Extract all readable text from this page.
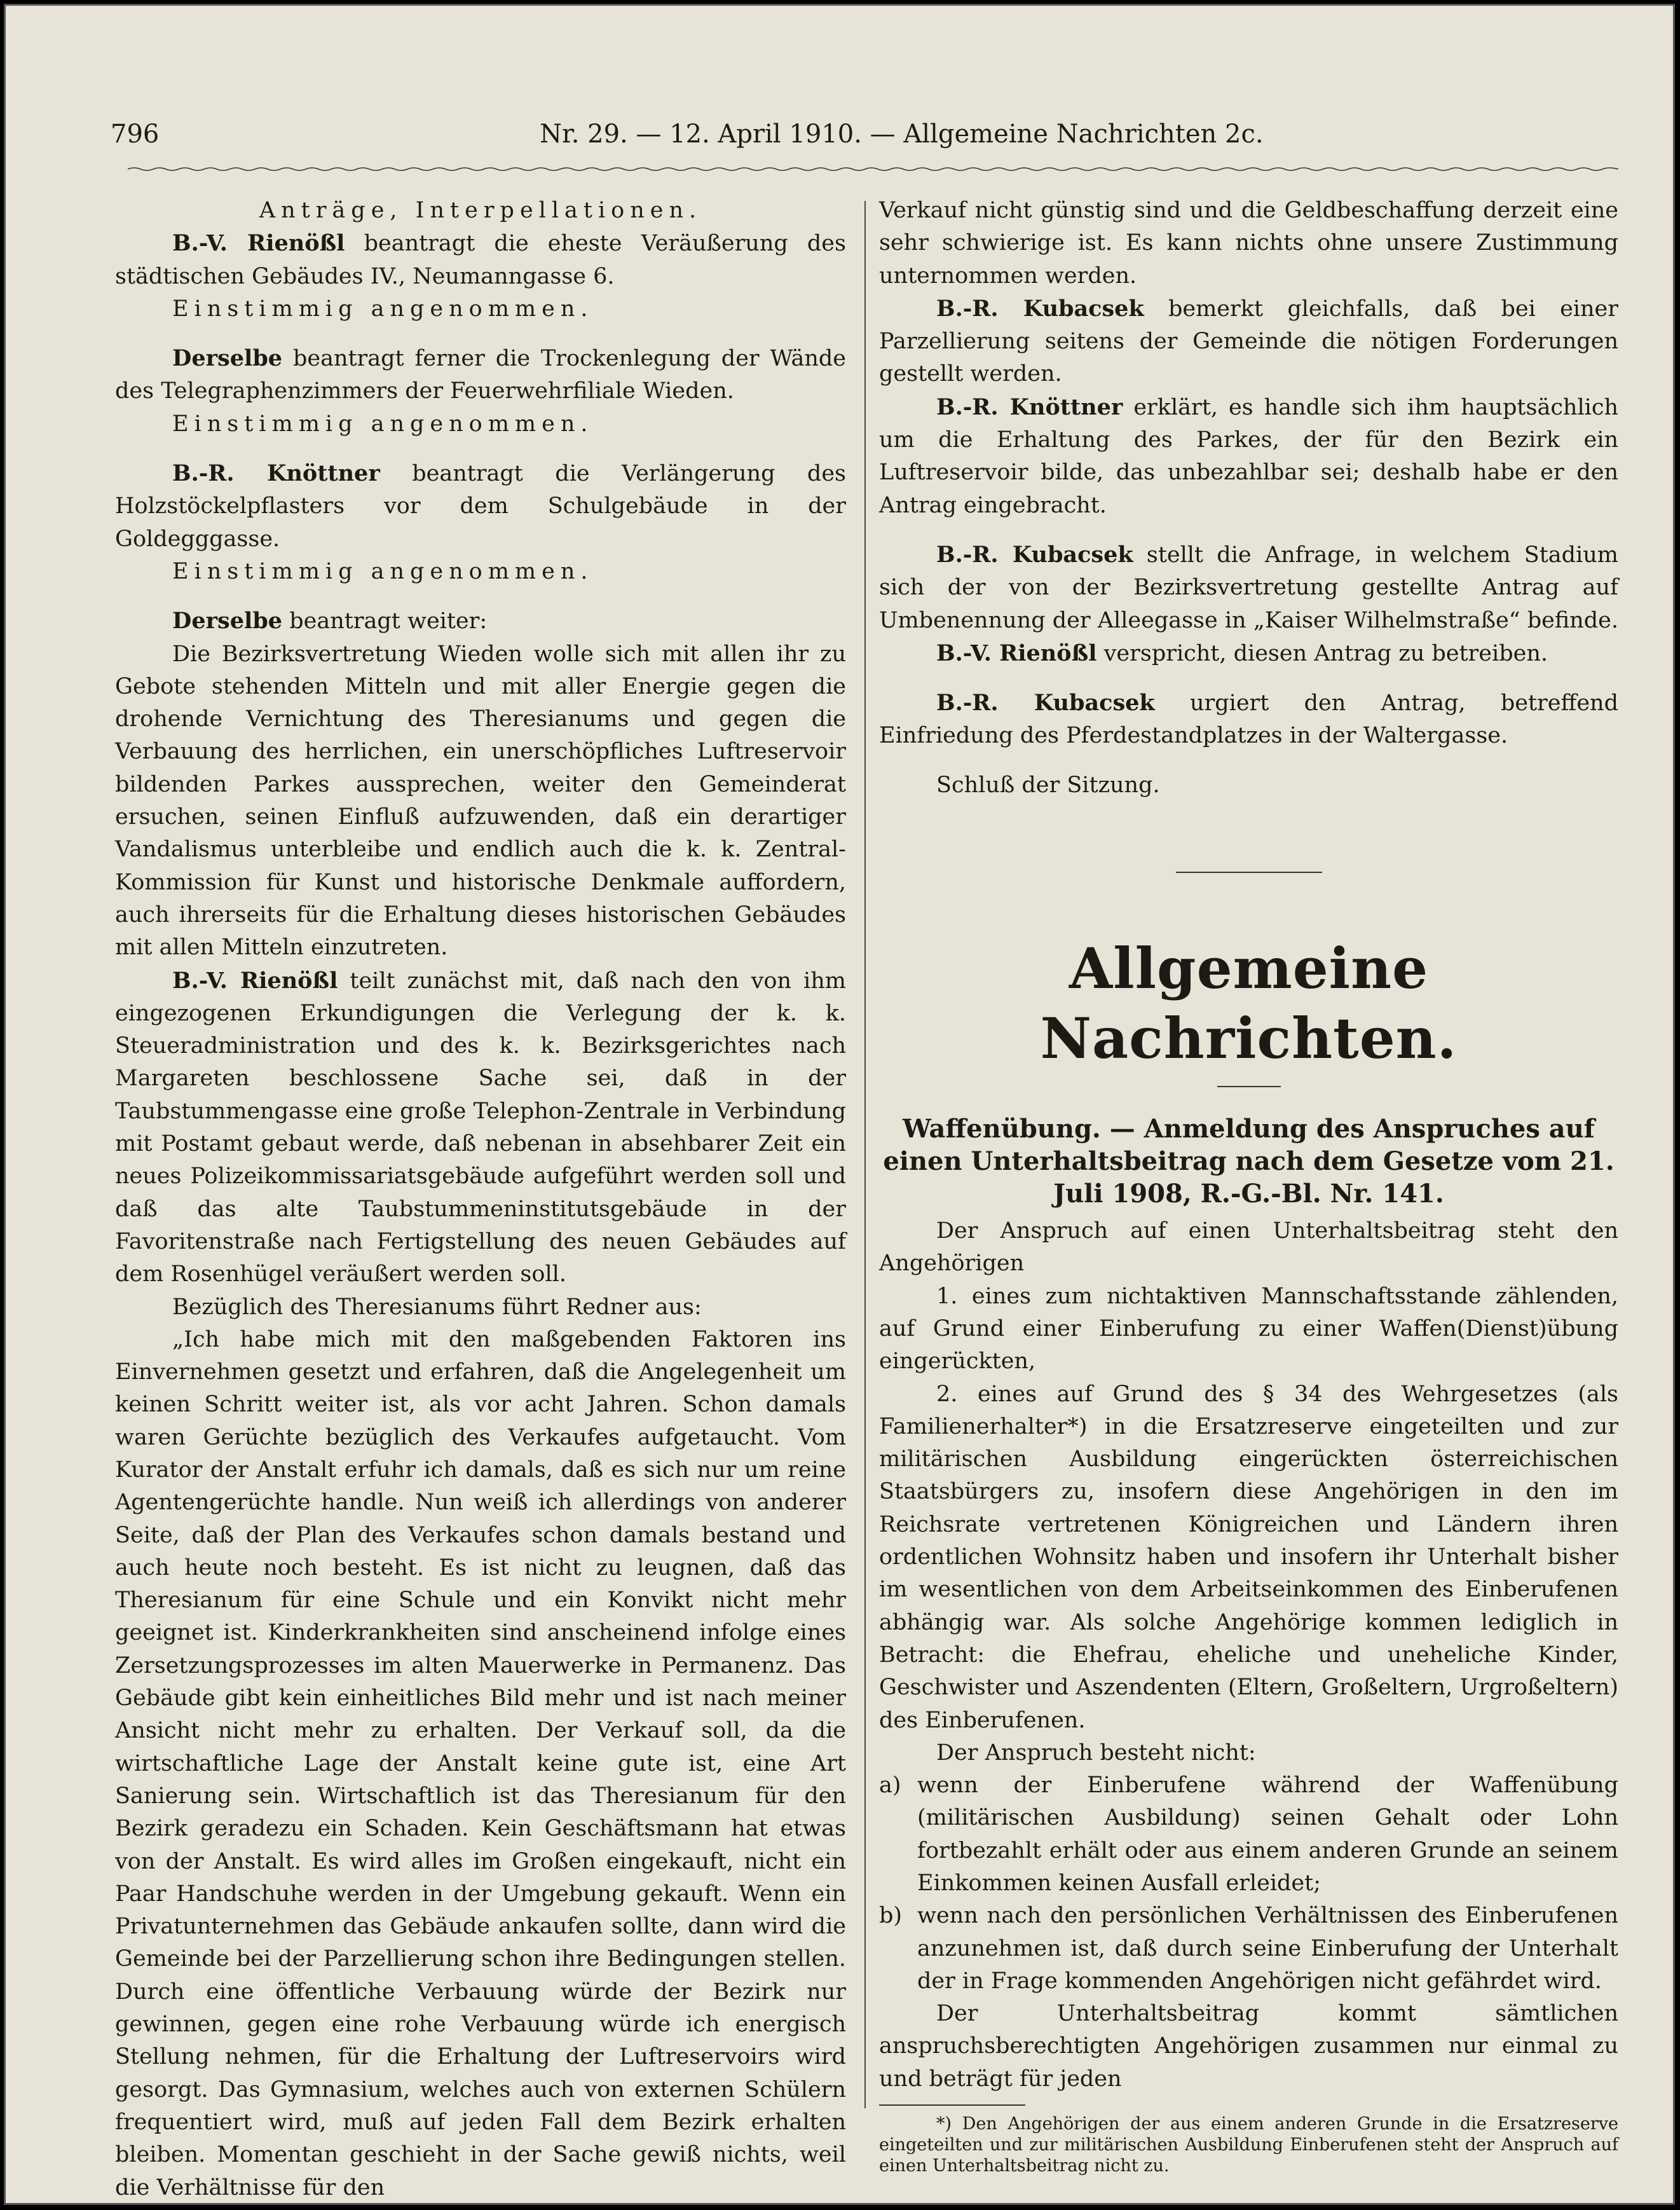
796	Nr. 29. — 12. April 1910. — Allgemeine Nachrichten 2c.

Anträge, Interpellationen.

B.-V. Rienößl beantragt die eheste Veräußerung des städtischen Gebäudes IV., Neumanngasse 6.

Einstimmig angenommen.

Derselbe beantragt ferner die Trockenlegung der Wände des Telegraphenzimmers der Feuerwehrfiliale Wieden.

Einstimmig angenommen.

B.-R. Knöttner beantragt die Verlängerung des Holzstöckelpflasters vor dem Schulgebäude in der Goldegggasse.

Einstimmig angenommen.

Derselbe beantragt weiter:

Die Bezirksvertretung Wieden wolle sich mit allen ihr zu Gebote stehenden Mitteln und mit aller Energie gegen die drohende Vernichtung des Theresianums und gegen die Verbauung des herrlichen, ein unerschöpfliches Luftreservoir bildenden Parkes aussprechen, weiter den Gemeinderat ersuchen, seinen Einfluß aufzuwenden, daß ein derartiger Vandalismus unterbleibe und endlich auch die k. k. Zentral-Kommission für Kunst und historische Denkmale auffordern, auch ihrerseits für die Erhaltung dieses historischen Gebäudes mit allen Mitteln einzutreten.

B.-V. Rienößl teilt zunächst mit, daß nach den von ihm eingezogenen Erkundigungen die Verlegung der k. k. Steueradministration und des k. k. Bezirksgerichtes nach Margareten beschlossene Sache sei, daß in der Taubstummengasse eine große Telephon-Zentrale in Verbindung mit Postamt gebaut werde, daß nebenan in absehbarer Zeit ein neues Polizeikommissariatsgebäude aufgeführt werden soll und daß das alte Taubstummeninstitutsgebäude in der Favoritenstraße nach Fertigstellung des neuen Gebäudes auf dem Rosenhügel veräußert werden soll.

Bezüglich des Theresianums führt Redner aus:

„Ich habe mich mit den maßgebenden Faktoren ins Einvernehmen gesetzt und erfahren, daß die Angelegenheit um keinen Schritt weiter ist, als vor acht Jahren. Schon damals waren Gerüchte bezüglich des Verkaufes aufgetaucht. Vom Kurator der Anstalt erfuhr ich damals, daß es sich nur um reine Agentengerüchte handle. Nun weiß ich allerdings von anderer Seite, daß der Plan des Verkaufes schon damals bestand und auch heute noch besteht. Es ist nicht zu leugnen, daß das Theresianum für eine Schule und ein Konvikt nicht mehr geeignet ist. Kinderkrankheiten sind anscheinend infolge eines Zersetzungsprozesses im alten Mauerwerke in Permanenz. Das Gebäude gibt kein einheitliches Bild mehr und ist nach meiner Ansicht nicht mehr zu erhalten. Der Verkauf soll, da die wirtschaftliche Lage der Anstalt keine gute ist, eine Art Sanierung sein. Wirtschaftlich ist das Theresianum für den Bezirk geradezu ein Schaden. Kein Geschäftsmann hat etwas von der Anstalt. Es wird alles im Großen eingekauft, nicht ein Paar Handschuhe werden in der Umgebung gekauft. Wenn ein Privatunternehmen das Gebäude ankaufen sollte, dann wird die Gemeinde bei der Parzellierung schon ihre Bedingungen stellen. Durch eine öffentliche Verbauung würde der Bezirk nur gewinnen, gegen eine rohe Verbauung würde ich energisch Stellung nehmen, für die Erhaltung der Luftreservoirs wird gesorgt. Das Gymnasium, welches auch von externen Schülern frequentiert wird, muß auf jeden Fall dem Bezirk erhalten bleiben. Momentan geschieht in der Sache gewiß nichts, weil die Verhältnisse für den

Verkauf nicht günstig sind und die Geldbeschaffung derzeit eine sehr schwierige ist. Es kann nichts ohne unsere Zustimmung unternommen werden.

B.-R. Kubacsek bemerkt gleichfalls, daß bei einer Parzellierung seitens der Gemeinde die nötigen Forderungen gestellt werden.

B.-R. Knöttner erklärt, es handle sich ihm hauptsächlich um die Erhaltung des Parkes, der für den Bezirk ein Luftreservoir bilde, das unbezahlbar sei; deshalb habe er den Antrag eingebracht.

B.-R. Kubacsek stellt die Anfrage, in welchem Stadium sich der von der Bezirksvertretung gestellte Antrag auf Umbenennung der Alleegasse in „Kaiser Wilhelmstraße“ befinde.

B.-V. Rienößl verspricht, diesen Antrag zu betreiben.

B.-R. Kubacsek urgiert den Antrag, betreffend Einfriedung des Pferdestandplatzes in der Waltergasse.

Schluß der Sitzung.

Allgemeine Nachrichten.

Waffenübung. — Anmeldung des Anspruches auf einen Unterhaltsbeitrag nach dem Gesetze vom 21. Juli 1908, R.-G.-Bl. Nr. 141.

Der Anspruch auf einen Unterhaltsbeitrag steht den Angehörigen

1. eines zum nichtaktiven Mannschaftsstande zählenden, auf Grund einer Einberufung zu einer Waffen(Dienst)übung eingerückten,

2. eines auf Grund des § 34 des Wehrgesetzes (als Familienerhalter*) in die Ersatzreserve eingeteilten und zur militärischen Ausbildung eingerückten österreichischen Staatsbürgers zu, insofern diese Angehörigen in den im Reichsrate vertretenen Königreichen und Ländern ihren ordentlichen Wohnsitz haben und insofern ihr Unterhalt bisher im wesentlichen von dem Arbeitseinkommen des Einberufenen abhängig war. Als solche Angehörige kommen lediglich in Betracht: die Ehefrau, eheliche und uneheliche Kinder, Geschwister und Aszendenten (Eltern, Großeltern, Urgroßeltern) des Einberufenen.

Der Anspruch besteht nicht:

a) wenn der Einberufene während der Waffenübung (militärischen Ausbildung) seinen Gehalt oder Lohn fortbezahlt erhält oder aus einem anderen Grunde an seinem Einkommen keinen Ausfall erleidet;
b) wenn nach den persönlichen Verhältnissen des Einberufenen anzunehmen ist, daß durch seine Einberufung der Unterhalt der in Frage kommenden Angehörigen nicht gefährdet wird.

Der Unterhaltsbeitrag kommt sämtlichen anspruchsberechtigten Angehörigen zusammen nur einmal zu und beträgt für jeden

*) Den Angehörigen der aus einem anderen Grunde in die Ersatzreserve eingeteilten und zur militärischen Ausbildung Einberufenen steht der Anspruch auf einen Unterhaltsbeitrag nicht zu.
